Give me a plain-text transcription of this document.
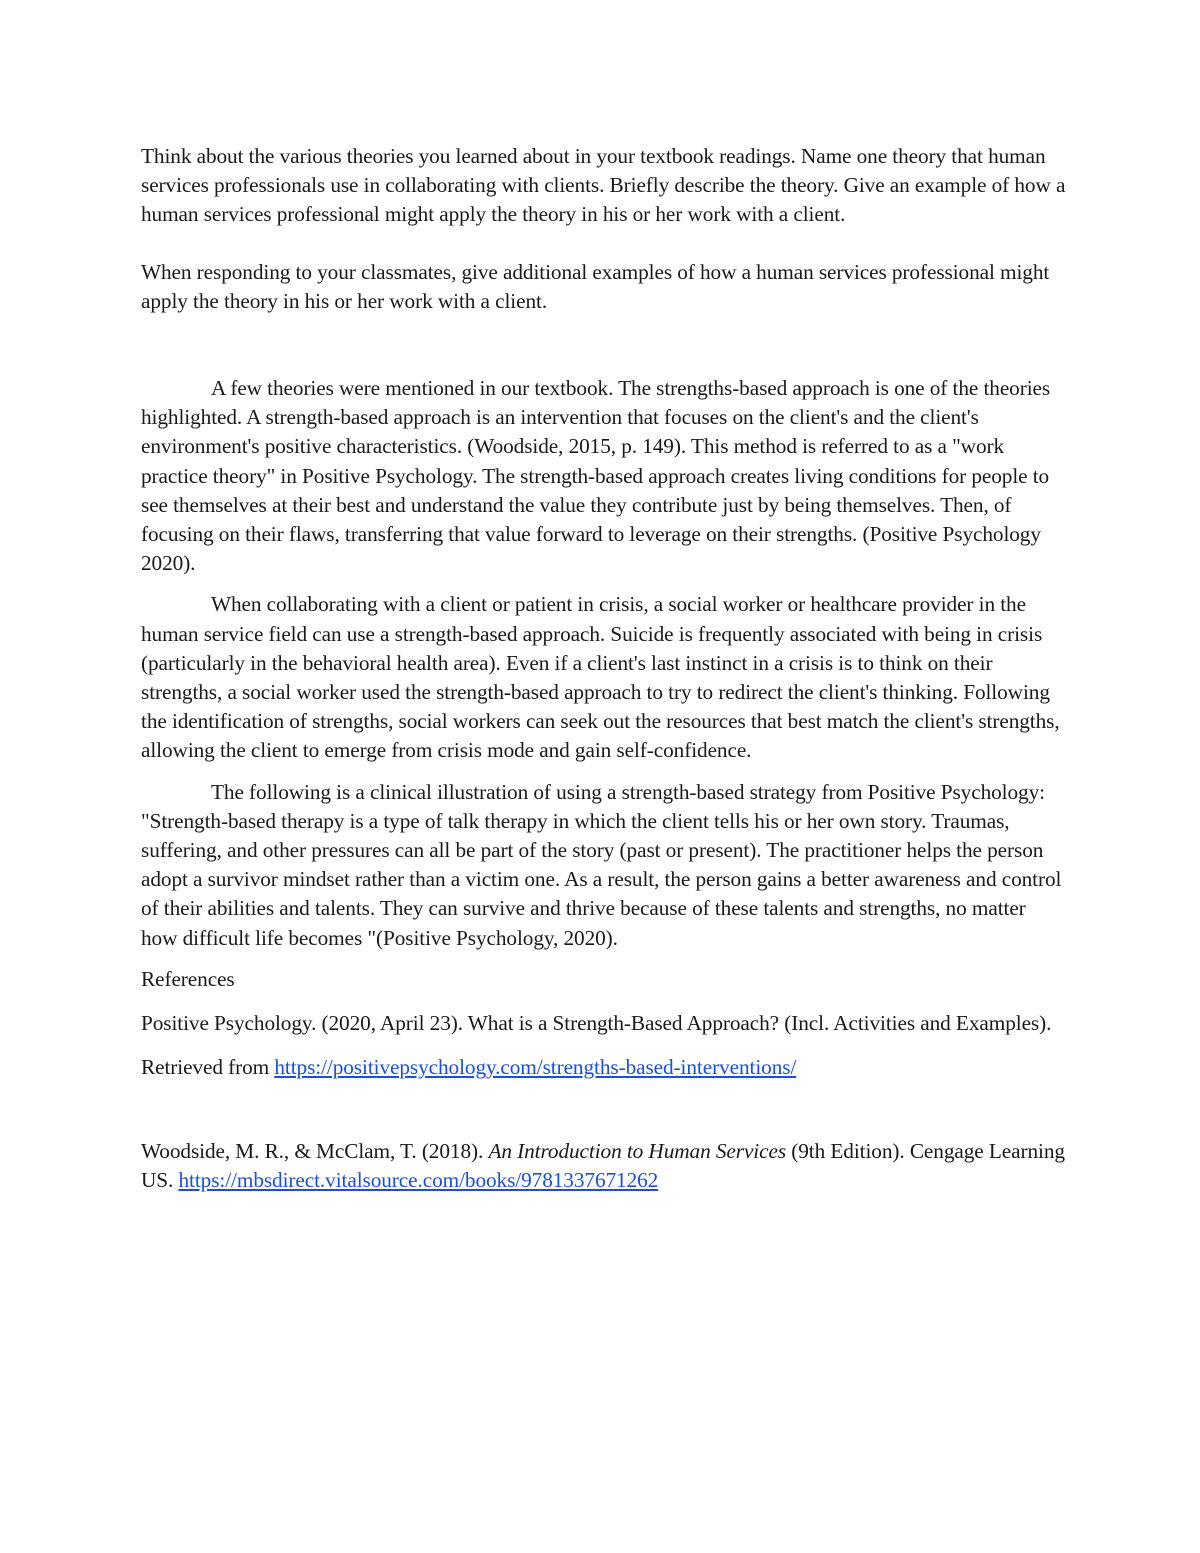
Think about the various theories you learned about in your textbook readings. Name one theory that human services professionals use in collaborating with clients. Briefly describe the theory. Give an example of how a human services professional might apply the theory in his or her work with a client.

When responding to your classmates, give additional examples of how a human services professional might apply the theory in his or her work with a client.

A few theories were mentioned in our textbook. The strengths-based approach is one of the theories highlighted. A strength-based approach is an intervention that focuses on the client's and the client's environment's positive characteristics. (Woodside, 2015, p. 149). This method is referred to as a "work practice theory" in Positive Psychology. The strength-based approach creates living conditions for people to see themselves at their best and understand the value they contribute just by being themselves. Then, of focusing on their flaws, transferring that value forward to leverage on their strengths. (Positive Psychology 2020).

When collaborating with a client or patient in crisis, a social worker or healthcare provider in the human service field can use a strength-based approach. Suicide is frequently associated with being in crisis (particularly in the behavioral health area). Even if a client's last instinct in a crisis is to think on their strengths, a social worker used the strength-based approach to try to redirect the client's thinking. Following the identification of strengths, social workers can seek out the resources that best match the client's strengths, allowing the client to emerge from crisis mode and gain self-confidence.

The following is a clinical illustration of using a strength-based strategy from Positive Psychology: "Strength-based therapy is a type of talk therapy in which the client tells his or her own story. Traumas, suffering, and other pressures can all be part of the story (past or present). The practitioner helps the person adopt a survivor mindset rather than a victim one. As a result, the person gains a better awareness and control of their abilities and talents. They can survive and thrive because of these talents and strengths, no matter how difficult life becomes "(Positive Psychology, 2020).

References

Positive Psychology. (2020, April 23). What is a Strength-Based Approach? (Incl. Activities and Examples). Retrieved from https://positivepsychology.com/strengths-based-interventions/

Woodside, M. R., & McClam, T. (2018). An Introduction to Human Services (9th Edition). Cengage Learning US. https://mbsdirect.vitalsource.com/books/9781337671262
